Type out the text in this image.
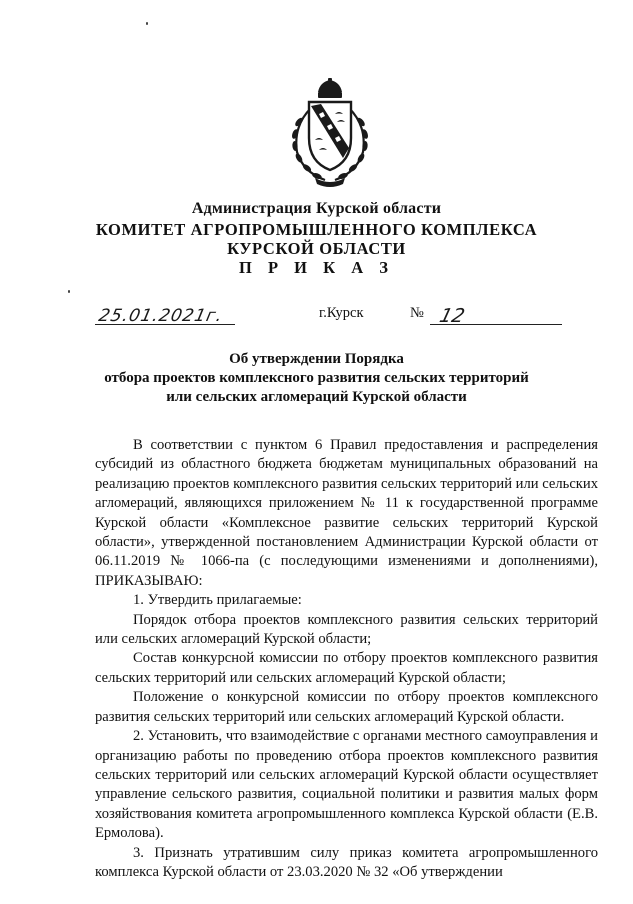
Администрация Курской области
КОМИТЕТ АГРОПРОМЫШЛЕННОГО КОМПЛЕКСА
КУРСКОЙ ОБЛАСТИ
П Р И К А З
25.01.2021г.	г.Курск	№ 12
Об утверждении Порядка
отбора проектов комплексного развития сельских территорий
или сельских агломераций Курской области

В соответствии с пунктом 6 Правил предоставления и распределения субсидий из областного бюджета бюджетам муниципальных образований на реализацию проектов комплексного развития сельских территорий или сельских агломераций, являющихся приложением № 11 к государственной программе Курской области «Комплексное развитие сельских территорий Курской области», утвержденной постановлением Администрации Курской области от 06.11.2019 № 1066-па (с последующими изменениями и дополнениями), ПРИКАЗЫВАЮ:

1. Утвердить прилагаемые:

Порядок отбора проектов комплексного развития сельских территорий или сельских агломераций Курской области;

Состав конкурсной комиссии по отбору проектов комплексного развития сельских территорий или сельских агломераций Курской области;

Положение о конкурсной комиссии по отбору проектов комплексного развития сельских территорий или сельских агломераций Курской области.

2. Установить, что взаимодействие с органами местного самоуправления и организацию работы по проведению отбора проектов комплексного развития сельских территорий или сельских агломераций Курской области осуществляет управление сельского развития, социальной политики и развития малых форм хозяйствования комитета агропромышленного комплекса Курской области (Е.В. Ермолова).

3. Признать утратившим силу приказ комитета агропромышленного комплекса Курской области от 23.03.2020 № 32 «Об утверждении
